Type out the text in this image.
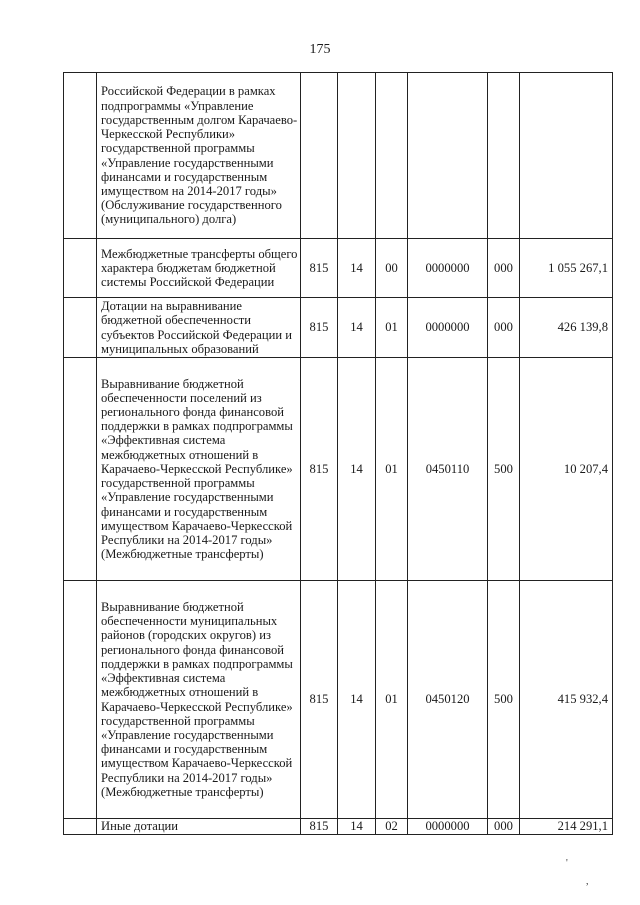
175
	Российской Федерации в рамках подпрограммы «Управление государственным долгом Карачаево-Черкесской Республики» государственной программы «Управление государственными финансами и государственным имуществом на 2014-2017 годы» (Обслуживание государственного (муниципального) долга)						
	Межбюджетные трансферты общего характера бюджетам бюджетной системы Российской Федерации	815	14	00	0000000	000	1 055 267,1
	Дотации на выравнивание бюджетной обеспеченности субъектов Российской Федерации и муниципальных образований	815	14	01	0000000	000	426 139,8
	Выравнивание бюджетной обеспеченности поселений из регионального фонда финансовой поддержки в рамках подпрограммы «Эффективная система межбюджетных отношений в Карачаево-Черкесской Республике» государственной программы «Управление государственными финансами и государственным имуществом Карачаево-Черкесской Республики на 2014-2017 годы» (Межбюджетные трансферты)	815	14	01	0450110	500	10 207,4
	Выравнивание бюджетной обеспеченности муниципальных районов (городских округов) из регионального фонда финансовой поддержки в рамках подпрограммы «Эффективная система межбюджетных отношений в Карачаево-Черкесской Республике» государственной программы «Управление государственными финансами и государственным имуществом Карачаево-Черкесской Республики на 2014-2017 годы» (Межбюджетные трансферты)	815	14	01	0450120	500	415 932,4
	Иные дотации	815	14	02	0000000	000	214 291,1
'
,
